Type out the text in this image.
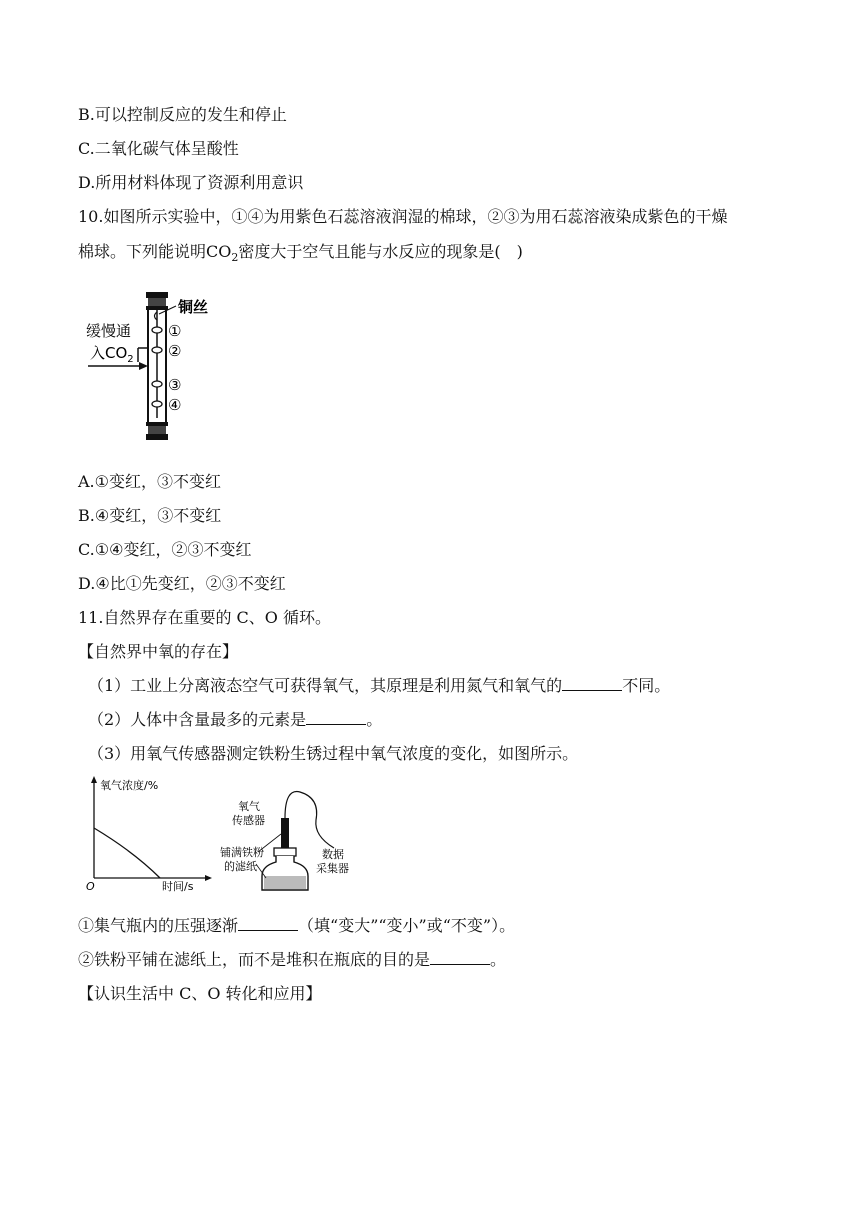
B.可以控制反应的发生和停止
C.二氧化碳气体呈酸性
D.所用材料体现了资源利用意识
10.如图所示实验中，①④为用紫色石蕊溶液润湿的棉球，②③为用石蕊溶液染成紫色的干燥
棉球。下列能说明$CO_2$密度大于空气且能与水反应的现象是(　)
铜丝
①
②
③
④
缓慢通
入$CO_2$
A.①变红，③不变红
B.④变红，③不变红
C.①④变红，②③不变红
D.④比①先变红，②③不变红
11.自然界存在重要的 C、O 循环。
【自然界中氧的存在】
（1）工业上分离液态空气可获得氧气，其原理是利用氮气和氧气的	不同。
（2）人体中含量最多的元素是	。
（3）用氧气传感器测定铁粉生锈过程中氧气浓度的变化，如图所示。
氧气浓度/%
O	时间/s
氧气
传感器
铺满铁粉
的滤纸
数据
采集器
①集气瓶内的压强逐渐	（填“变大”“变小”或“不变”）。
②铁粉平铺在滤纸上，而不是堆积在瓶底的目的是	。
【认识生活中 C、O 转化和应用】
